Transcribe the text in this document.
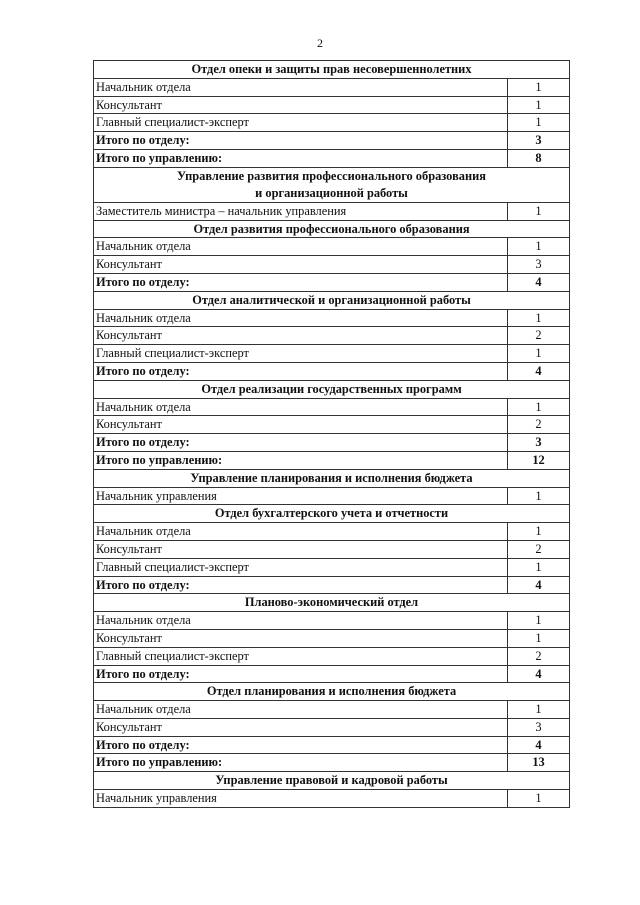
2
Отдел опеки и защиты прав несовершеннолетних	
Начальник отдела	1
Консультант	1
Главный специалист-эксперт	1
Итого по отделу:	3
Итого по управлению:	8
Управление развития профессионального образования
и организационной работы	
Заместитель министра – начальник управления	1
Отдел развития профессионального образования	
Начальник отдела	1
Консультант	3
Итого по отделу:	4
Отдел аналитической и организационной работы	
Начальник отдела	1
Консультант	2
Главный специалист-эксперт	1
Итого по отделу:	4
Отдел реализации государственных программ	
Начальник отдела	1
Консультант	2
Итого по отделу:	3
Итого по управлению:	12
Управление планирования и исполнения бюджета	
Начальник управления	1
Отдел бухгалтерского учета и отчетности	
Начальник отдела	1
Консультант	2
Главный специалист-эксперт	1
Итого по отделу:	4
Планово-экономический отдел	
Начальник отдела	1
Консультант	1
Главный специалист-эксперт	2
Итого по отделу:	4
Отдел планирования и исполнения бюджета	
Начальник отдела	1
Консультант	3
Итого по отделу:	4
Итого по управлению:	13
Управление правовой и кадровой работы	
Начальник управления	1
